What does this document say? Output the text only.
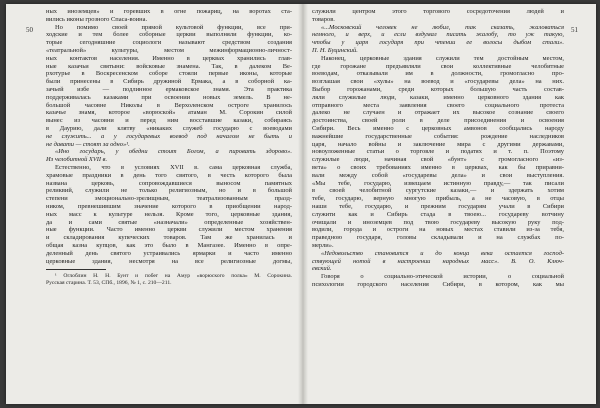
50	51
ных иноземцев» и горевших в огне пожариц, на воротах ста-
вились иконы грозного Спаса-воина.
Но помимо своей прямой культовой функции, все при-
ходские и тем более соборные церкви выполняли функции, ко-
торые сегодняшние социологи называют средством создания
«театральной» культуры, местом межинформационно-личност-
ных контактов населения. Именно в церквах хранились глав-
ные казачьи святыни: войсковые знамена. Так, в далеком Ве-
рхотурье в Воскресенском соборе стояли первые иконы, которые
были принесены в Сибирь дружиной Ермака, а в соборной ка-
зачьей избе — подлинное ермаковское знамя. Эта практика
поддерживалась казаками при освоении новых земель. В не-
большой часовне Николы в Верхоленском остроге хранилось
казачье знамя, которое «ворюской» атаман М. Сорокин силой
вынес из часовни и перед ним восставшие казаки, собираясь
в Даурию, дали клятву «никаких служеб государю с воеводами
не служить... а у государевых воевод под началом не быть и
не давати — стоят за одно»¹.
«Ино государь, у обедни стоит Богом, а пировать здорово».
Из челобитной XVII в.
Естественно, что в условиях XVII в. сама церковная служба,
храмовые праздники в день того святого, в честь которого была
названа церковь, сопровождавшиеся выносом памятных
реликвий, служили не только религиозным, но и в большой
степени эмоционально-зрелищным, театрализованным празд-
ником, превнешившим значение которого в приобщении народ-
ных масс к культуре нельзя. Кроме того, церковные здания,
да и сами святые «назначали» определенные хозяйствен-
ные функции. Часто именно церкви служили местом хранения
и складирования купеческих товаров. Там же хранилась и
общая казна купцов, как это было в Мангазее. Именно в опре-
деленный день святого устраивались ярмарки и часто именно
церковные здания, несмотря на все религиозные догмы,
¹ Оглоблин Н. Н. Бунт и побег на Амур «ворюского полка» М. Сорокина.
Русская старина. Т. 53, СПб., 1896, № 1, с. 210—211.
служили центром этого торгового сосредоточения людей и
товаров.
«...Московский человек не любил, так сказать, жаловаться
немного, и верх, и если вздумал писать жалобу, то уж такую,
чтобы у царя государя при чтении ее волосы дыбом стали».
П. Н. Буцинский.
Наконец, церковные здания служили тем достойным местом,
где горожане предъявляли свои коллективные челобитные
воеводам, отказывали им в должности, громогласно про-
возглашая свои «хулы» на воевод и «государевы дела» на них.
Выбор горожанами, среди которых большую часть состав-
ляли служилые люди, казаки, именно церковного здания как
отправного места заявления своего социального протеста
далеко не случаен и отражает их высокое сознание своего
достоинства, своей роли в деле присоединения и освоения
Сибири. Весь именно с церковных амвонов сообщались народу
важнейшие государственные события: рождение наследников
царя, начало войны и заключение мира с другими державами,
новоуложенные статьи о торговле и податях и т. п. Поэтому
служилые люди, начиная свой «бунт» с громогласного «из-
вета» о своих требованиях именно в церквах, как бы приравни-
вали между собой «государевы дела» и свои выступления.
«Мы тебе, государю, извещаем истинную правду,— так писали
в своей челобитной сургутские казаки,— и здержать хотим
тебе, государю, верную многую прибыль, а не часовую, в отцы
наши тебе, государю, и прежним государям учали в Сибири
служити как и Сибирь стада в твоею... государеву вотчину
очищали и иноземцев под твою государеву высокую руку под-
водили, города и остроги на новых местах ставили из-за тебя,
праведною государя, головы складывали и на службах по-
мерли».
«Недовольство становится и до конца века остается господ-
ствующей нотой в настроении народных масс». В. О. Ключ-
евский.
Говоря о социально-этической истории, о социальной
психологии городского населения Сибири, в котором, как мы
